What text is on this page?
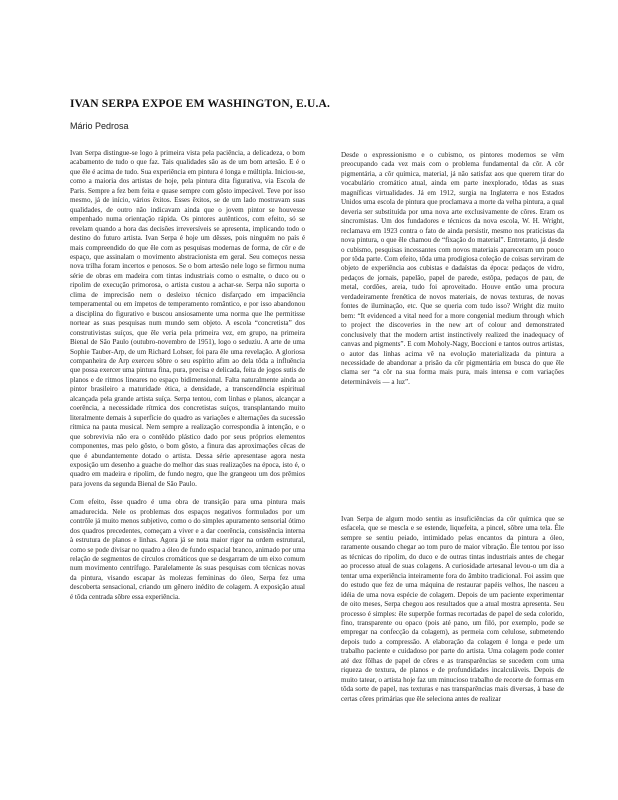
IVAN SERPA EXPOE EM WASHINGTON, E.U.A.
Mário Pedrosa

Ivan Serpa distingue-se logo à primeira vista pela paciência, a delicadeza, o bom acabamento de tudo o que faz. Tais qualidades são as de um bom artesão. E é o que êle é acima de tudo. Sua experiência em pintura é longa e múltipla. Iniciou-se, como a maioria dos artistas de hoje, pela pintura dita figurativa, via Escola de Paris. Sempre a fez bem feita e quase sempre com gôsto impecável. Teve por isso mesmo, já de início, vários êxitos. Esses êxitos, se de um lado mostravam suas qualidades, de outro não indicavam ainda que o jovem pintor se houvesse empenhado numa orientação rápida. Os pintores autênticos, com efeito, só se revelam quando a hora das decisões irreversíveis se apresenta, implicando todo o destino do futuro artista. Ivan Serpa é hoje um dêsses, pois ninguém no país é mais compreendido do que êle com as pesquisas modernas de forma, de côr e de espaço, que assinalam o movimento abstracionista em geral. Seu começos nessa nova trilha foram incertos e penosos. Se o bom artesão nele logo se firmou numa série de obras em madeira com tintas industriais como o esmalte, o duco ou o ripolim de execução primorosa, o artista custou a achar-se. Serpa não suporta o clima de imprecisão nem o desleixo técnico disfarçado em impaciência temperamental ou em ímpetos de temperamento romântico, e por isso abandonou a disciplina do figurativo e buscou ansiosamente uma norma que lhe permitisse nortear as suas pesquisas num mundo sem objeto. A escola “concretista” dos construtivistas suíços, que êle veria pela primeira vez, em grupo, na primeira Bienal de São Paulo (outubro-novembro de 1951), logo o seduziu. A arte de uma Sophie Tauber-Arp, de um Richard Lohser, foi para êle uma revelação. A gloriosa companheira de Arp exerceu sôbre o seu espírito afim ao dela tôda a influência que possa exercer uma pintura fina, pura, precisa e delicada, feita de jogos sutis de planos e de ritmos lineares no espaço bidimensional. Falta naturalmente ainda ao pintor brasileiro a maturidade ética, a densidade, a transcendência espiritual alcançada pela grande artista suíça. Serpa tentou, com linhas e planos, alcançar a coerência, a necessidade rítmica dos concretistas suíços, transplantando muito literalmente demais à superfície do quadro as variações e alternações da sucessão rítmica na pauta musical. Nem sempre a realização correspondia à intenção, e o que sobrevivia não era o contêúdo plástico dado por seus próprios elementos componentes, mas pelo gôsto, o bom gôsto, a finura das aproximações cêcas de que é abundantemente dotado o artista. Dessa série apresentase agora nesta exposição um desenho a guache do melhor das suas realizações na época, isto é, o quadro em madeira e ripolim, de fundo negro, que lhe grangeou um dos prêmios para jovens da segunda Bienal de São Paulo.

Com efeito, êsse quadro é uma obra de transição para uma pintura mais amadurecida. Nele os problemas dos espaços negativos formulados por um contrôle já muito menos subjetivo, como o do simples apuramento sensorial ótimo dos quadros precedentes, começam a viver e a dar coerência, consistência interna à estrutura de planos e linhas. Agora já se nota maior rigor na ordem estrutural, como se pode divisar no quadro a óleo de fundo espacial branco, animado por uma relação de segmentos de círculos cromáticos que se desgarram de um eixo comum num movimento centrífugo. Paralelamente às suas pesquisas com técnicas novas da pintura, visando escapar às molezas femininas do óleo, Serpa fez uma descoberta sensacional, criando um gênero inédito de colagem. A exposição atual é tôda centrada sôbre essa experiência.

Desde o expressionismo e o cubismo, os pintores modernos se vêm preocupando cada vez mais com o problema fundamental da côr. A côr pigmentária, a côr química, material, já não satisfaz aos que querem tirar do vocabulário cromático atual, ainda em parte inexplorado, tôdas as suas magníficas virtualidades. Já em 1912, surgia na Inglaterra e nos Estados Unidos uma escola de pintura que proclamava a morte da velha pintura, a qual deveria ser substituída por uma nova arte exclusivamente de côres. Eram os sincromistas. Um dos fundadores e técnicos da nova escola, W. H. Wright, reclamava em 1923 contra o fato de ainda persistir, mesmo nos praticistas da nova pintura, o que êle chamou de “fixação do material”. Entretanto, já desde o cubismo, pesquisas incessantes com novos materiais apareceram um pouco por tôda parte. Com efeito, tôda uma prodigiosa coleção de coisas serviram de objeto de experiência aos cubistas e dadaístas da época: pedaços de vidro, pedaços de jornais, papelão, papel de parede, estôpa, pedaços de pau, de metal, cordões, areia, tudo foi aproveitado. Houve então uma procura verdadeiramente frenética de novos materiais, de novas texturas, de novas fontes de iluminação, etc. Que se queria com tudo isso? Wright diz muito bem: “It evidenced a vital need for a more congenial medium through which to project the discoveries in the new art of colour and demonstrated conclusively that the modern artist instinctively realized the inadequacy of canvas and pigments”. E com Moholy-Nagy, Boccioni e tantos outros artistas, o autor das linhas acima vê na evolução materializada da pintura a necessidade de abandonar a prisão da côr pigmentária em busca do que êle clama ser “a côr na sua forma mais pura, mais intensa e com variações determináveis — a luz”.

Ivan Serpa de algum modo sentiu as insuficiências da côr química que se esfacela, que se mescla e se estende, liquefeita, a pincel, sôbre uma tela. Êle sempre se sentiu peiado, intimidado pelas encantos da pintura a óleo, raramente ousando chegar ao tom puro de maior vibração. Êle tentou por isso as técnicas do ripolim, do duco e de outras tintas industriais antes de chegar ao processo atual de suas colagens. A curiosidade artesanal levou-o um dia a tentar uma experiência inteiramente fora do âmbito tradicional. Foi assim que do estudo que fez de uma máquina de restaurar papéis velhos, lhe nasceu a idéia de uma nova espécie de colagem. Depois de um paciente experimentar de oito meses, Serpa chegou aos resultados que a atual mostra apresenta. Seu processo é simples: êle superpõe formas recortadas de papel de seda colorido, fino, transparente ou opaco (pois até pano, um filó, por exemplo, pode se empregar na confecção da colagem), as permeia com celulose, submetendo depois tudo a compressão. A elaboração da colagem é longa e pede um trabalho paciente e cuidadoso por parte do artista. Uma colagem pode conter até dez fôlhas de papel de côres e as transparências se sucedem com uma riqueza de textura, de planos e de profundidades incalculáveis. Depois de muito tatear, o artista hoje faz um minucioso trabalho de recorte de formas em tôda sorte de papel, nas texturas e nas transparências mais diversas, à base de certas côres primárias que êle seleciona antes de realizar
